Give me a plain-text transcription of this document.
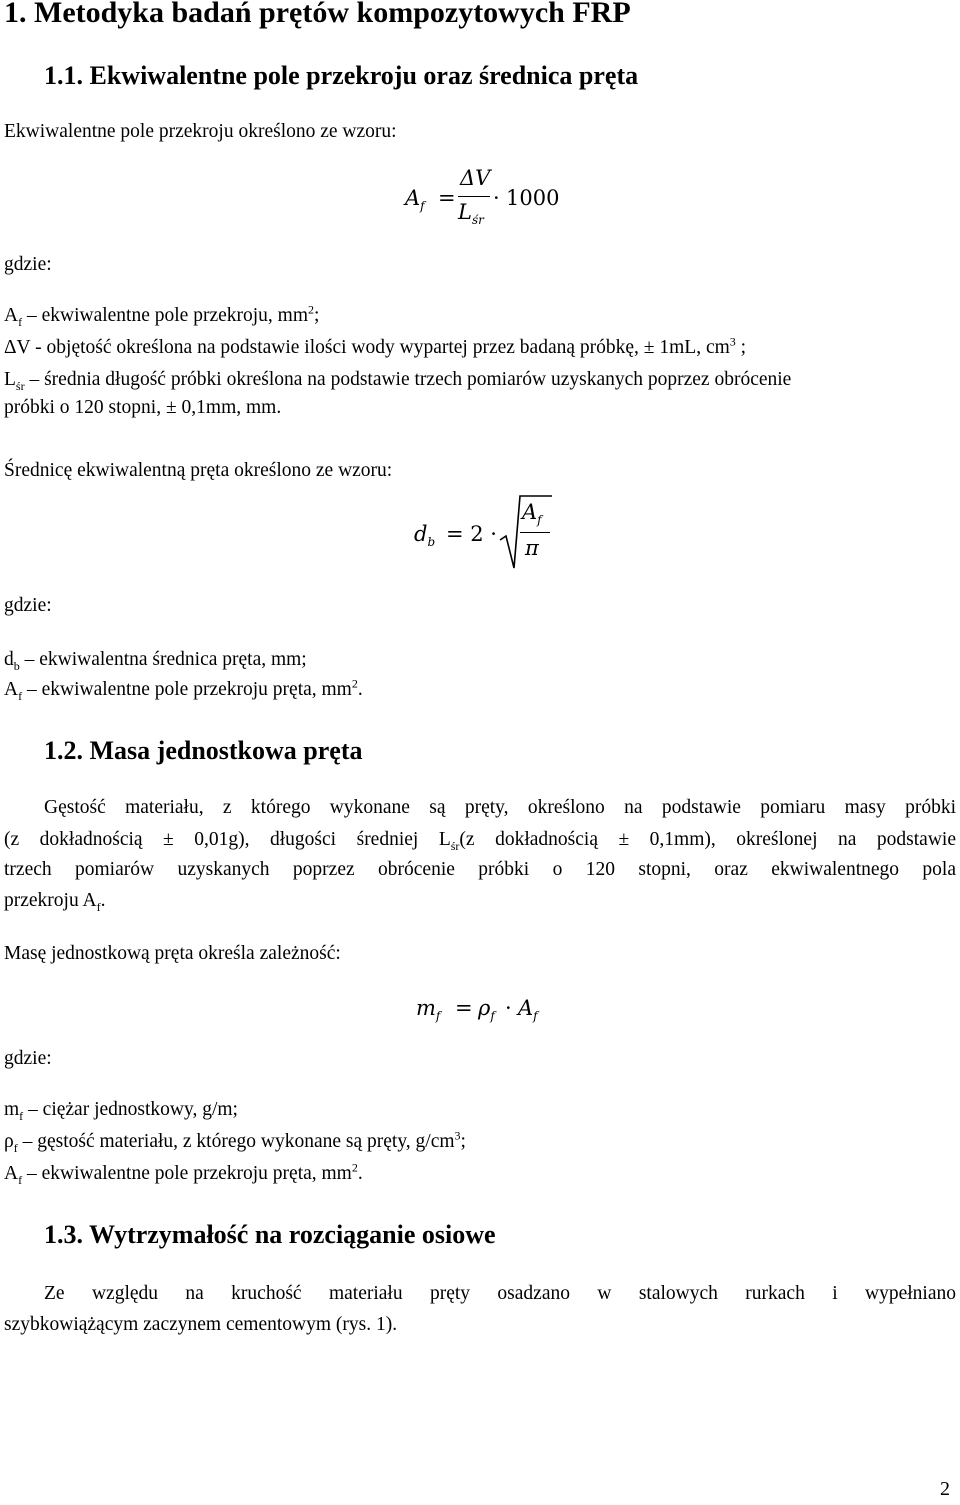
1. Metodyka badań prętów kompozytowych FRP
1.1. Ekwiwalentne pole przekroju oraz średnica pręta
Ekwiwalentne pole przekroju określono ze wzoru:
$A_f$ =
ΔV
$L_{śr}$
· 1000
gdzie:
$A_f$ – ekwiwalentne pole przekroju, $mm^2$;
ΔV - objętość określona na podstawie ilości wody wypartej przez badaną próbkę, ± 1mL, $cm^3$ ;
$L_{śr}$ – średnia długość próbki określona na podstawie trzech pomiarów uzyskanych poprzez obrócenie
próbki o 120 stopni, ± 0,1mm, mm.
Średnicę ekwiwalentną pręta określono ze wzoru:
$d_b = 2$ ·
$A_f$
π
gdzie:
$d_b$ – ekwiwalentna średnica pręta, mm;
$A_f$ – ekwiwalentne pole przekroju pręta, $mm^2$.
1.2. Masa jednostkowa pręta
Gęstość materiału, z którego wykonane są pręty, określono na podstawie pomiaru masy próbki
(z dokładnością ± 0,01g), długości średniej $L_{śr}(z$ dokładnością ± 0,1mm), określonej na podstawie
trzech pomiarów uzyskanych poprzez obrócenie próbki o 120 stopni, oraz ekwiwalentnego pola
przekroju $A_f$.
Masę jednostkową pręta określa zależność:
$m_f = \rho_f \cdot A_f$
gdzie:
$m_f$ – ciężar jednostkowy, g/m;
$\rho_f$ – gęstość materiału, z którego wykonane są pręty, $g/cm^3$;
$A_f$ – ekwiwalentne pole przekroju pręta, $mm^2$.
1.3. Wytrzymałość na rozciąganie osiowe
Ze względu na kruchość materiału pręty osadzano w stalowych rurkach i wypełniano
szybkowiążącym zaczynem cementowym (rys. 1).
2
